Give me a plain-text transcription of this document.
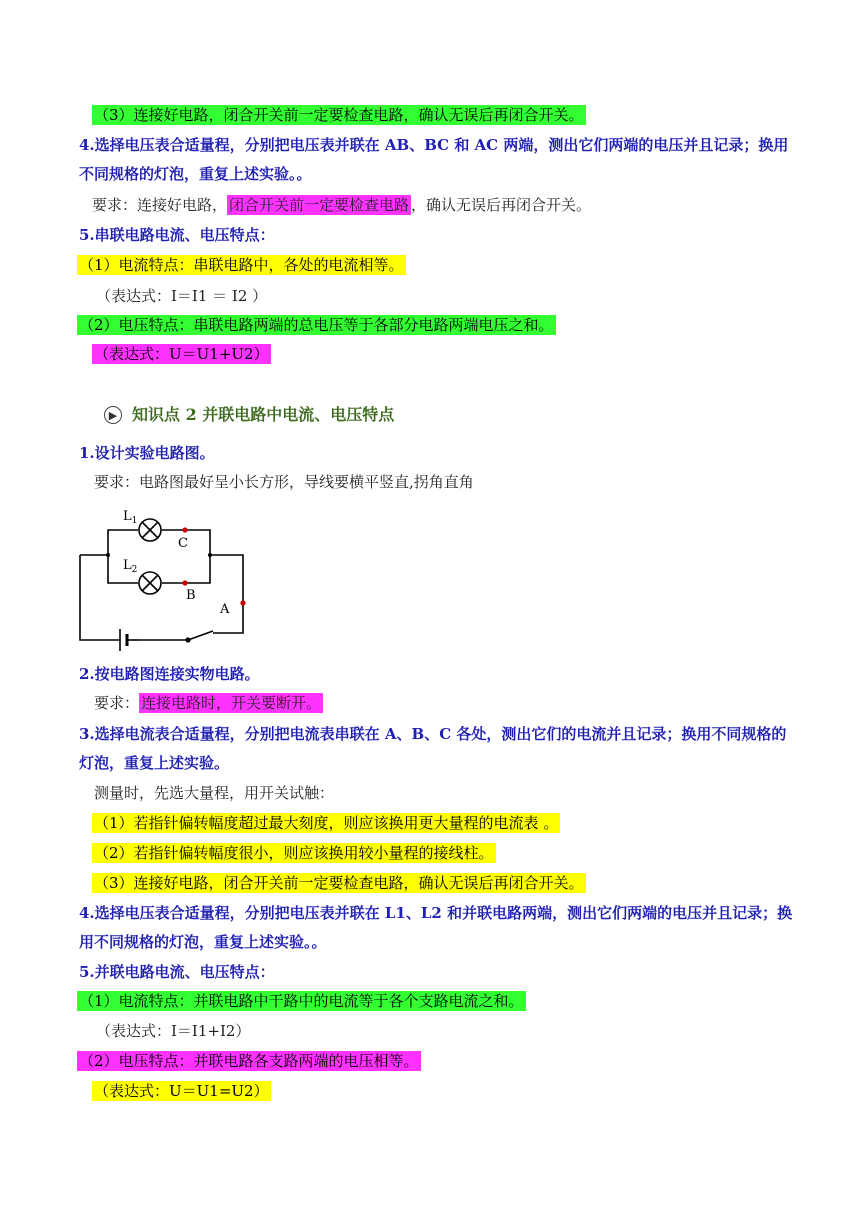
（3）连接好电路，闭合开关前一定要检查电路，确认无误后再闭合开关。
4.选择电压表合适量程，分别把电压表并联在 AB、BC 和 AC 两端，测出它们两端的电压并且记录；换用
不同规格的灯泡，重复上述实验。。
要求：连接好电路， 闭合开关前一定要检查电路 ，确认无误后再闭合开关。
5.串联电路电流、电压特点：
（1）电流特点：串联电路中，各处的电流相等。
（表达式：I＝I1 ＝ I2 ）
（2）电压特点：串联电路两端的总电压等于各部分电路两端电压之和。
（表达式：U＝U1+U2）
▶ 知识点 2 并联电路中电流、电压特点
1.设计实验电路图。
要求：电路图最好呈小长方形，导线要横平竖直,拐角直角
$L_1$
$L_2$
C
B
A
2.按电路图连接实物电路。
要求： 连接电路时，开关要断开。
3.选择电流表合适量程，分别把电流表串联在 A、B、C 各处，测出它们的电流并且记录；换用不同规格的
灯泡，重复上述实验。
测量时，先选大量程，用开关试触：
（1）若指针偏转幅度超过最大刻度，则应该换用更大量程的电流表 。
（2）若指针偏转幅度很小，则应该换用较小量程的接线柱。
（3）连接好电路，闭合开关前一定要检查电路，确认无误后再闭合开关。
4.选择电压表合适量程，分别把电压表并联在 L1、L2 和并联电路两端，测出它们两端的电压并且记录；换
用不同规格的灯泡，重复上述实验。。
5.并联电路电流、电压特点：
（1）电流特点：并联电路中干路中的电流等于各个支路电流之和。
（表达式：I＝I1+I2）
（2）电压特点：并联电路各支路两端的电压相等。
（表达式：U＝U1=U2）
